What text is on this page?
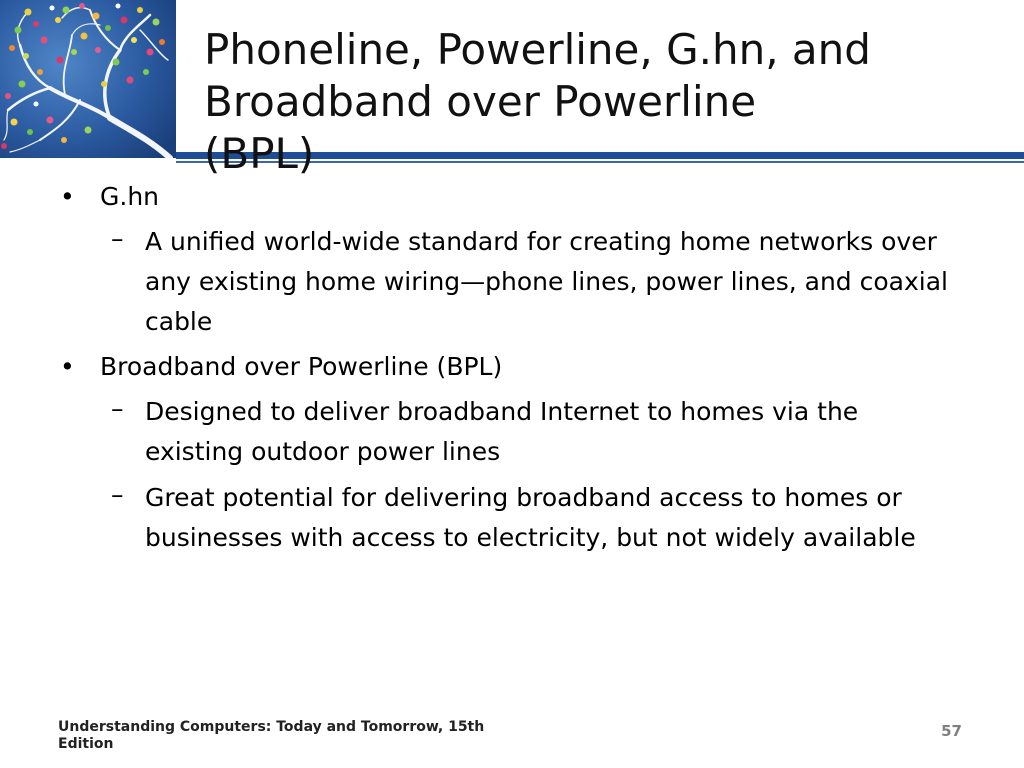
Phoneline, Powerline, G.hn, and
Broadband over Powerline
(BPL)
• G.hn
– A unified world-wide standard for creating home networks over any existing home wiring—phone lines, power lines, and coaxial cable
• Broadband over Powerline (BPL)
– Designed to deliver broadband Internet to homes via the existing outdoor power lines
– Great potential for delivering broadband access to homes or businesses with access to electricity, but not widely available
Understanding Computers: Today and Tomorrow, 15th Edition
57
